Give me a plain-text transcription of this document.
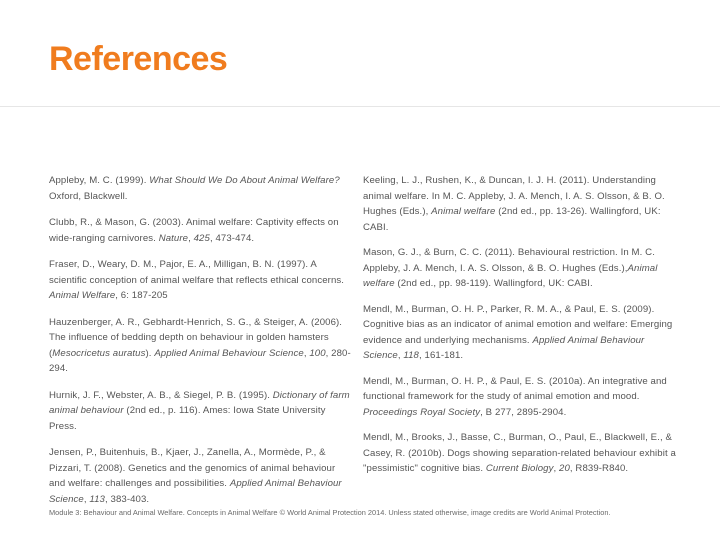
References

Appleby, M. C. (1999). What Should We Do About Animal Welfare? Oxford, Blackwell.

Clubb, R., & Mason, G. (2003). Animal welfare: Captivity effects on wide-ranging carnivores. Nature, 425, 473-474.

Fraser, D., Weary, D. M., Pajor, E. A., Milligan, B. N. (1997). A scientific conception of animal welfare that reflects ethical concerns. Animal Welfare, 6: 187-205

Hauzenberger, A. R., Gebhardt-Henrich, S. G., & Steiger, A. (2006). The influence of bedding depth on behaviour in golden hamsters (Mesocricetus auratus). Applied Animal Behaviour Science, 100, 280-294.

Hurnik, J. F., Webster, A. B., & Siegel, P. B. (1995). Dictionary of farm animal behaviour (2nd ed., p. 116). Ames: Iowa State University Press.

Jensen, P., Buitenhuis, B., Kjaer, J., Zanella, A., Mormède, P., & Pizzari, T. (2008). Genetics and the genomics of animal behaviour and welfare: challenges and possibilities. Applied Animal Behaviour Science, 113, 383-403.

Keeling, L. J., Rushen, K., & Duncan, I. J. H. (2011). Understanding animal welfare. In M. C. Appleby, J. A. Mench, I. A. S. Olsson, & B. O. Hughes (Eds.), Animal welfare (2nd ed., pp. 13-26). Wallingford, UK: CABI.

Mason, G. J., & Burn, C. C. (2011). Behavioural restriction. In M. C. Appleby, J. A. Mench, I. A. S. Olsson, & B. O. Hughes (Eds.),Animal welfare (2nd ed., pp. 98-119). Wallingford, UK: CABI.

Mendl, M., Burman, O. H. P., Parker, R. M. A., & Paul, E. S. (2009). Cognitive bias as an indicator of animal emotion and welfare: Emerging evidence and underlying mechanisms. Applied Animal Behaviour Science, 118, 161-181.

Mendl, M., Burman, O. H. P., & Paul, E. S. (2010a). An integrative and functional framework for the study of animal emotion and mood. Proceedings Royal Society, B 277, 2895-2904.

Mendl, M., Brooks, J., Basse, C., Burman, O., Paul, E., Blackwell, E., & Casey, R. (2010b). Dogs showing separation-related behaviour exhibit a "pessimistic" cognitive bias. Current Biology, 20, R839-R840.

Module 3: Behaviour and Animal Welfare. Concepts in Animal Welfare © World Animal Protection 2014. Unless stated otherwise, image credits are World Animal Protection.
